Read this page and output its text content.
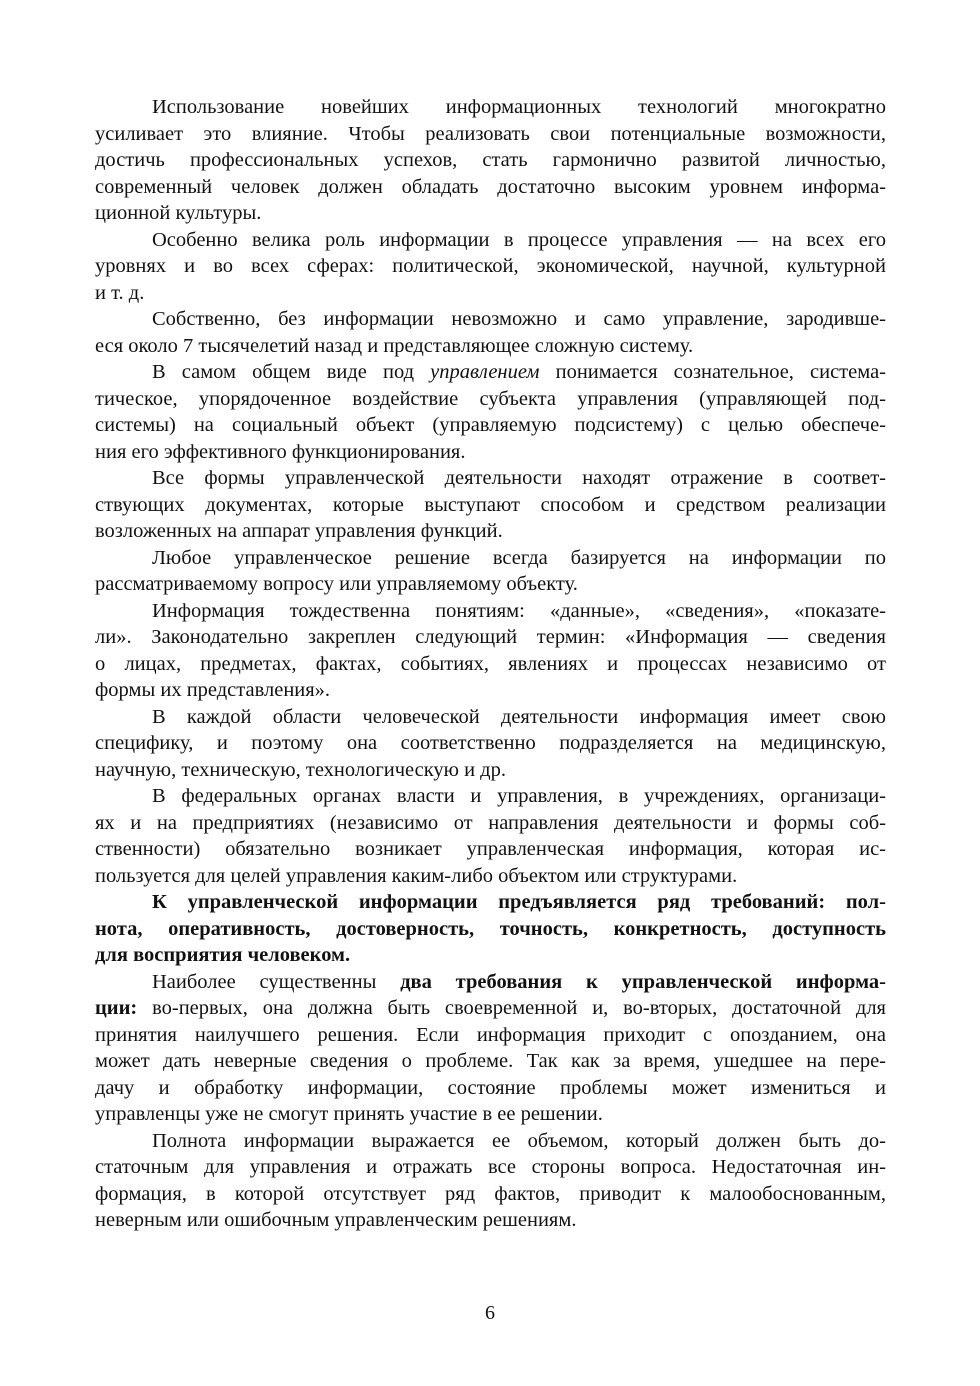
Использование новейших информационных технологий многократно
усиливает это влияние. Чтобы реализовать свои потенциальные возможности,
достичь профессиональных успехов, стать гармонично развитой личностью,
современный человек должен обладать достаточно высоким уровнем информа-
ционной культуры.
Особенно велика роль информации в процессе управления — на всех его
уровнях и во всех сферах: политической, экономической, научной, культурной
и т. д.
Собственно, без информации невозможно и само управление, зародивше-
еся около 7 тысячелетий назад и представляющее сложную систему.
В самом общем виде под управлением понимается сознательное, система-
тическое, упорядоченное воздействие субъекта управления (управляющей под-
системы) на социальный объект (управляемую подсистему) с целью обеспече-
ния его эффективного функционирования.
Все формы управленческой деятельности находят отражение в соответ-
ствующих документах, которые выступают способом и средством реализации
возложенных на аппарат управления функций.
Любое управленческое решение всегда базируется на информации по
рассматриваемому вопросу или управляемому объекту.
Информация тождественна понятиям: «данные», «сведения», «показате-
ли». Законодательно закреплен следующий термин: «Информация — сведения
о лицах, предметах, фактах, событиях, явлениях и процессах независимо от
формы их представления».
В каждой области человеческой деятельности информация имеет свою
специфику, и поэтому она соответственно подразделяется на медицинскую,
научную, техническую, технологическую и др.
В федеральных органах власти и управления, в учреждениях, организаци-
ях и на предприятиях (независимо от направления деятельности и формы соб-
ственности) обязательно возникает управленческая информация, которая ис-
пользуется для целей управления каким-либо объектом или структурами.
К управленческой информации предъявляется ряд требований: пол-
нота, оперативность, достоверность, точность, конкретность, доступность
для восприятия человеком.
Наиболее существенны два требования к управленческой информа-
ции: во-первых, она должна быть своевременной и, во-вторых, достаточной для
принятия наилучшего решения. Если информация приходит с опозданием, она
может дать неверные сведения о проблеме. Так как за время, ушедшее на пере-
дачу и обработку информации, состояние проблемы может измениться и
управленцы уже не смогут принять участие в ее решении.
Полнота информации выражается ее объемом, который должен быть до-
статочным для управления и отражать все стороны вопроса. Недостаточная ин-
формация, в которой отсутствует ряд фактов, приводит к малообоснованным,
неверным или ошибочным управленческим решениям.
6
